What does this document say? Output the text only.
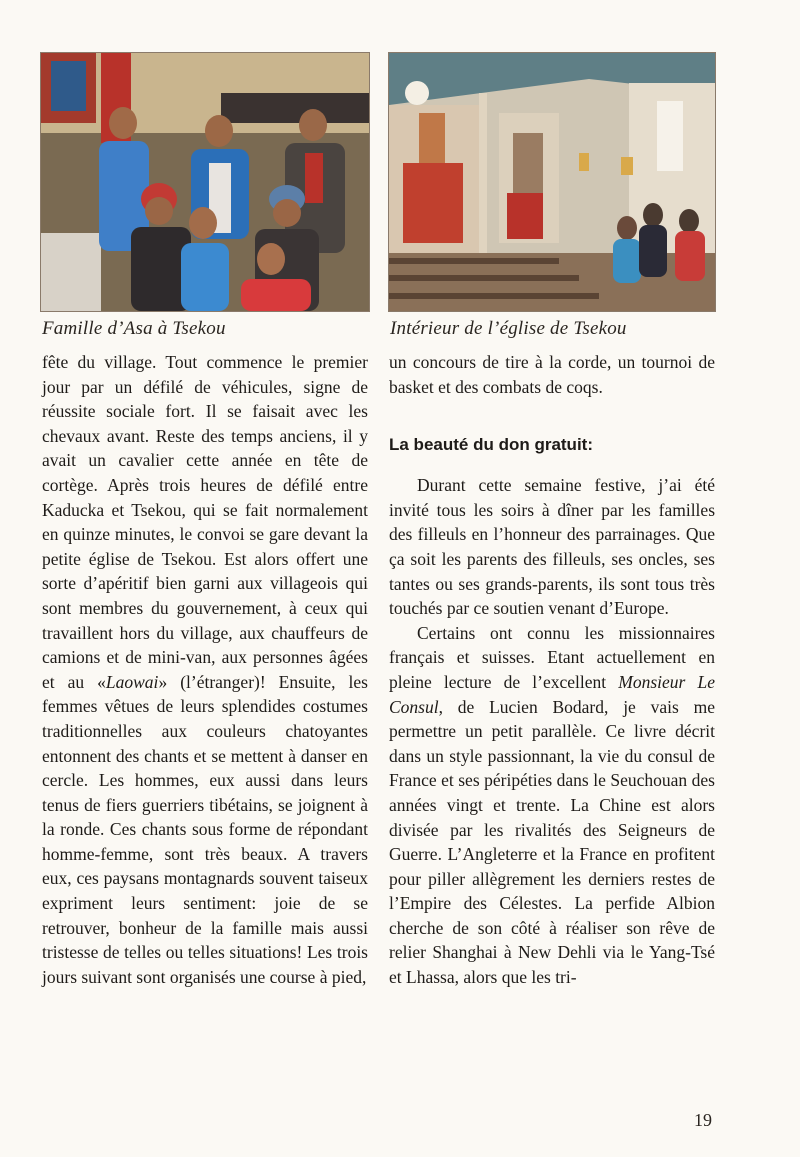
Famille d’Asa à Tsekou	Intérieur de l’église de Tsekou

fête du village. Tout commence le premier jour par un défilé de véhicules, signe de réussite sociale fort. Il se faisait avec les chevaux avant. Reste des temps anciens, il y avait un cavalier cette année en tête de cortège. Après trois heures de défilé entre Kaducka et Tsekou, qui se fait normalement en quinze minutes, le convoi se gare devant la petite église de Tsekou. Est alors offert une sorte d’apéritif bien garni aux villageois qui sont membres du gouvernement, à ceux qui travaillent hors du village, aux chauffeurs de camions et de mini-van, aux personnes âgées et au «Laowai» (l’étranger)! Ensuite, les femmes vêtues de leurs splendides costumes traditionnelles aux couleurs chatoyantes entonnent des chants et se mettent à danser en cercle. Les hommes, eux aussi dans leurs tenus de fiers guerriers tibétains, se joignent à la ronde. Ces chants sous forme de répondant homme-femme, sont très beaux. A travers eux, ces paysans montagnards souvent taiseux expriment leurs sentiment: joie de se retrouver, bonheur de la famille mais aussi tristesse de telles ou telles situations! Les trois jours suivant sont organisés une course à pied,

un concours de tire à la corde, un tournoi de basket et des combats de coqs.

La beauté du don gratuit:

Durant cette semaine festive, j’ai été invité tous les soirs à dîner par les familles des filleuls en l’honneur des parrainages. Que ça soit les parents des filleuls, ses oncles, ses tantes ou ses grands-parents, ils sont tous très touchés par ce soutien venant d’Europe.

Certains ont connu les missionnaires français et suisses. Etant actuellement en pleine lecture de l’excellent Monsieur Le Consul, de Lucien Bodard, je vais me permettre un petit parallèle. Ce livre décrit dans un style passionnant, la vie du consul de France et ses péripéties dans le Seuchouan des années vingt et trente. La Chine est alors divisée par les rivalités des Seigneurs de Guerre. L’Angleterre et la France en profitent pour piller allègrement les derniers restes de l’Empire des Célestes. La perfide Albion cherche de son côté à réaliser son rêve de relier Shanghai à New Dehli via le Yang-Tsé et Lhassa, alors que les tri-

19
